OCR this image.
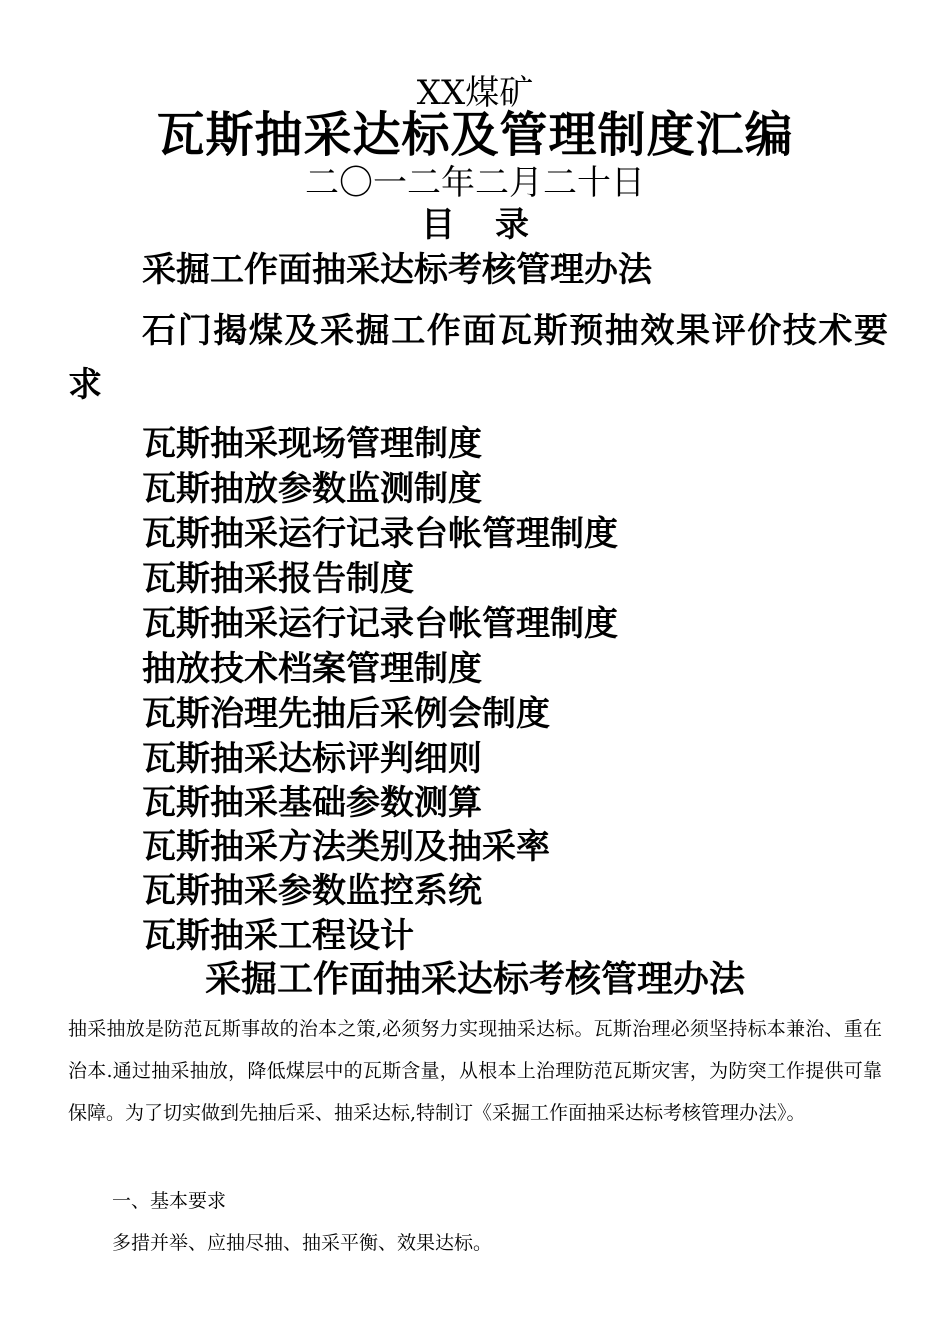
XX煤矿
瓦斯抽采达标及管理制度汇编
二〇一二年二月二十日
目 录
采掘工作面抽采达标考核管理办法
石门揭煤及采掘工作面瓦斯预抽效果评价技术要求
瓦斯抽采现场管理制度
瓦斯抽放参数监测制度
瓦斯抽采运行记录台帐管理制度
瓦斯抽采报告制度
瓦斯抽采运行记录台帐管理制度
抽放技术档案管理制度
瓦斯治理先抽后采例会制度
瓦斯抽采达标评判细则
瓦斯抽采基础参数测算
瓦斯抽采方法类别及抽采率
瓦斯抽采参数监控系统
瓦斯抽采工程设计
采掘工作面抽采达标考核管理办法

抽采抽放是防范瓦斯事故的治本之策,必须努力实现抽采达标。瓦斯治理必须坚持标本兼治、重在治本.通过抽采抽放，降低煤层中的瓦斯含量，从根本上治理防范瓦斯灾害，为防突工作提供可靠保障。为了切实做到先抽后采、抽采达标,特制订《采掘工作面抽采达标考核管理办法》。

一、基本要求

多措并举、应抽尽抽、抽采平衡、效果达标。
